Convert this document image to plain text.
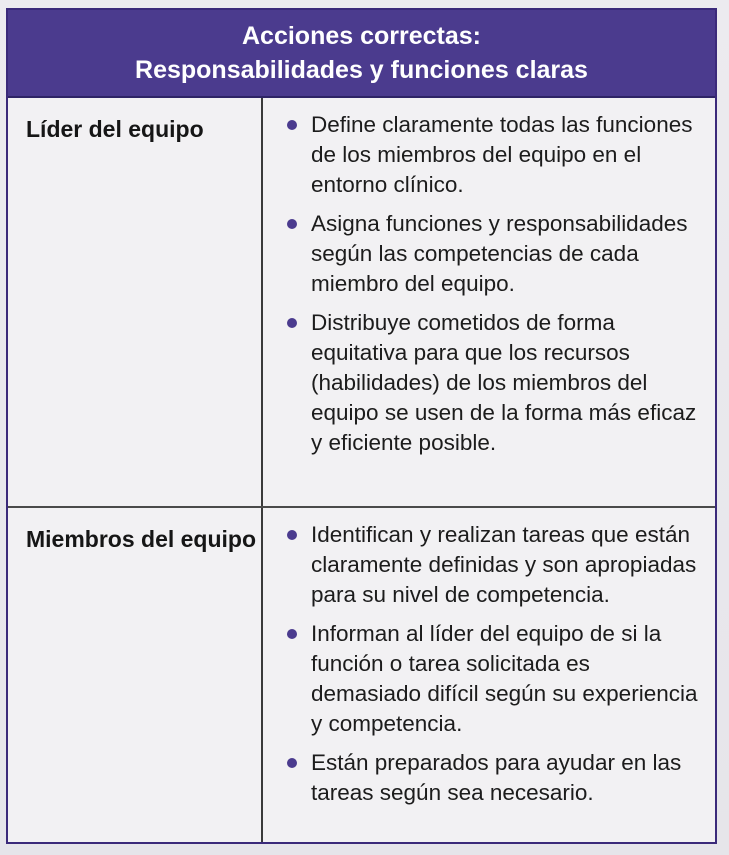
Acciones correctas:
Responsabilidades y funciones claras
Líder del equipo	Define claramente todas las funciones de los miembros del equipo en el entorno clínico.
Asigna funciones y responsabilidades según las competencias de cada miembro del equipo.
Distribuye cometidos de forma equitativa para que los recursos (habilidades) de los miembros del equipo se usen de la forma más eficaz y eficiente posible.
Miembros del equipo	Identifican y realizan tareas que están claramente definidas y son apropiadas para su nivel de competencia.
Informan al líder del equipo de si la función o tarea solicitada es demasiado difícil según su experiencia y competencia.
Están preparados para ayudar en las tareas según sea necesario.
